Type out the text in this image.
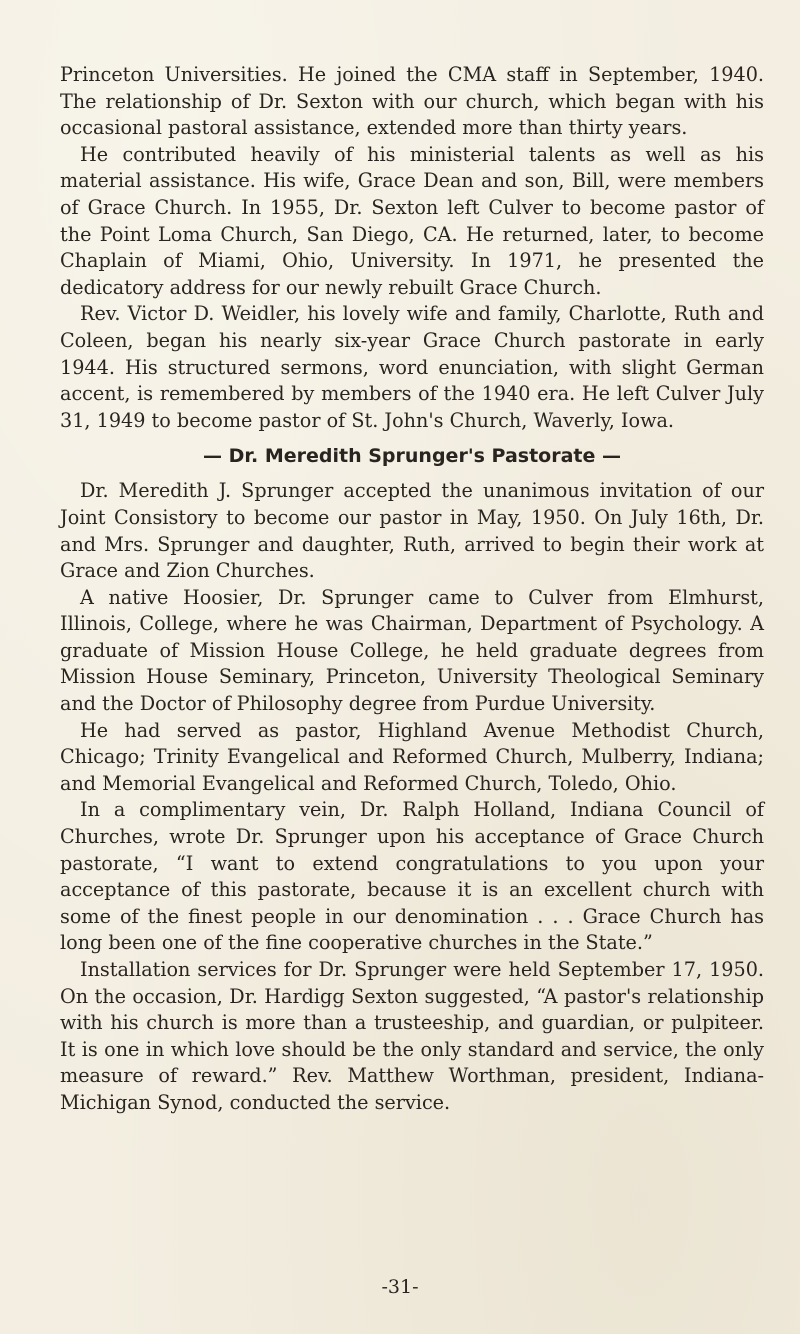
Princeton Universities. He joined the CMA staff in September, 1940. The relationship of Dr. Sexton with our church, which began with his occasional pastoral assistance, extended more than thirty years.

He contributed heavily of his ministerial talents as well as his material assistance. His wife, Grace Dean and son, Bill, were members of Grace Church. In 1955, Dr. Sexton left Culver to become pastor of the Point Loma Church, San Diego, CA. He returned, later, to become Chaplain of Miami, Ohio, University. In 1971, he presented the dedicatory address for our newly rebuilt Grace Church.

Rev. Victor D. Weidler, his lovely wife and family, Charlotte, Ruth and Coleen, began his nearly six-year Grace Church pastorate in early 1944. His structured sermons, word enunciation, with slight German accent, is remembered by members of the 1940 era. He left Culver July 31, 1949 to become pastor of St. John's Church, Waverly, Iowa.

— Dr. Meredith Sprunger's Pastorate —

Dr. Meredith J. Sprunger accepted the unanimous invitation of our Joint Consistory to become our pastor in May, 1950. On July 16th, Dr. and Mrs. Sprunger and daughter, Ruth, arrived to begin their work at Grace and Zion Churches.

A native Hoosier, Dr. Sprunger came to Culver from Elmhurst, Illinois, College, where he was Chairman, Department of Psychology. A graduate of Mission House College, he held graduate degrees from Mission House Seminary, Princeton, University Theological Seminary and the Doctor of Philosophy degree from Purdue University.

He had served as pastor, Highland Avenue Methodist Church, Chicago; Trinity Evangelical and Reformed Church, Mulberry, Indiana; and Memorial Evangelical and Reformed Church, Toledo, Ohio.

In a complimentary vein, Dr. Ralph Holland, Indiana Council of Churches, wrote Dr. Sprunger upon his acceptance of Grace Church pastorate, “I want to extend congratulations to you upon your acceptance of this pastorate, because it is an excellent church with some of the finest people in our denomination . . . Grace Church has long been one of the fine cooperative churches in the State.”

Installation services for Dr. Sprunger were held September 17, 1950. On the occasion, Dr. Hardigg Sexton suggested, “A pastor's relationship with his church is more than a trusteeship, and guardian, or pulpiteer. It is one in which love should be the only standard and service, the only measure of reward.” Rev. Matthew Worthman, president, Indiana-Michigan Synod, conducted the service.

-31-
